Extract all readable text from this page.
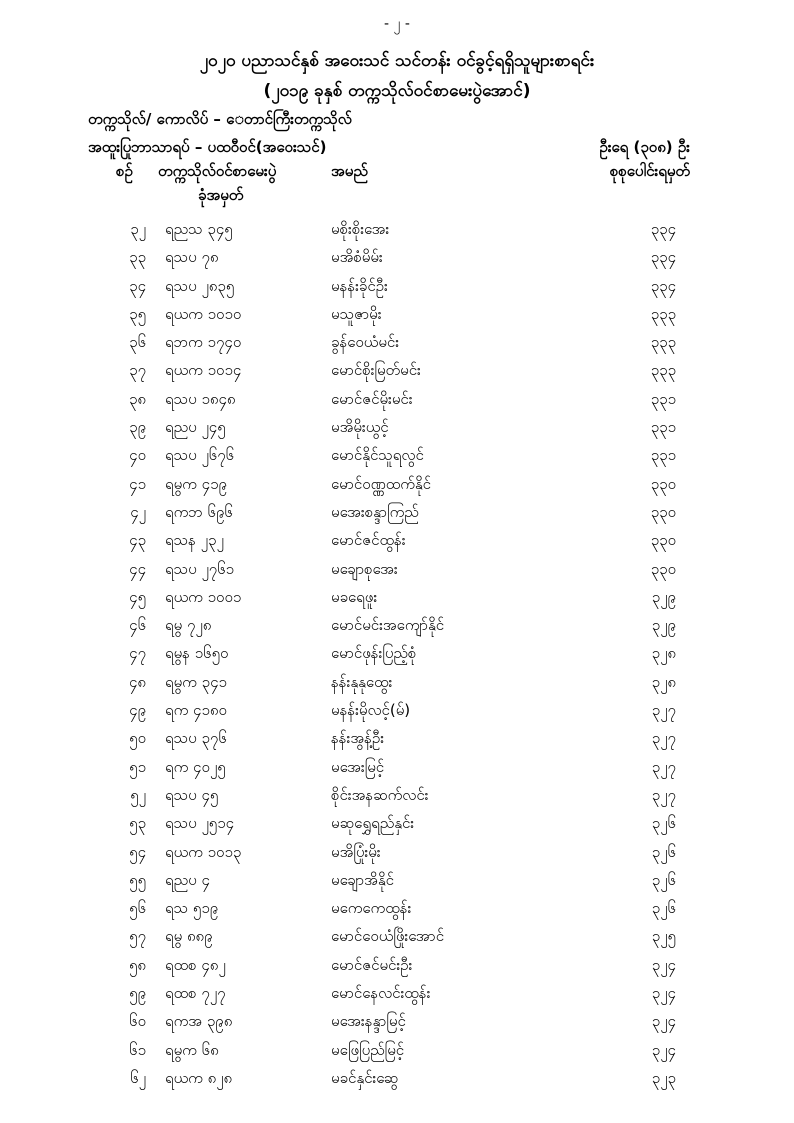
- ၂ -
၂၀၂၀ ပညာသင်နှစ် အဝေးသင် သင်တန်း ဝင်ခွင့်ရရှိသူများစာရင်း
(၂၀၁၉ ခုနှစ် တက္ကသိုလ်ဝင်စာမေးပွဲအောင်)
တက္ကသိုလ်/ ကောလိပ် – ‌ေတာင်ကြီးတက္ကသိုလ်
အထူးပြုဘာသာရပ် – ပထဝီဝင်(အဝေးသင်)	ဦးရေ (၃၀၈) ဦး
စဉ် တက္ကသိုလ်ဝင်စာမေးပွဲ
ခုံအမှတ်
အမည်	စုစုပေါင်းရမှတ်
၃၂ ရညသ ၃၄၅	မစိုးစိုးအေး	၃၃၄
၃၃ ရသပ ၇၈	မအိစံမိမ်း	၃၃၄
၃၄ ရသပ ၂၈၃၅	မနန်းခိုင်ဦး	၃၃၄
၃၅ ရယက ၁၀၁၀	မသူဇာမိုး	၃၃၃
၃၆ ရဘက ၁၇၄၀	ခွန်ဝေယံမင်း	၃၃၃
၃၇ ရယက ၁၀၁၄	မောင်စိုးမြတ်မင်း	၃၃၃
၃၈ ရသပ ၁၈၄၈	မောင်ဇင်မိုးမင်း	၃၃၁
၃၉ ရညပ ၂၄၅	မအိမိုးယွင့်	၃၃၁
၄၀ ရသပ ၂၆၇၆	မောင်နိုင်သူရလွင်	၃၃၁
၄၁ ရမွက ၄၁၉	မောင်ဝဏ္ဏထက်နိုင်	၃၃၀
၄၂ ရကဘ ၆၉၆	မအေးစန္ဒာကြည်	၃၃၀
၄၃ ရသန ၂၃၂	မောင်ဇင်ထွန်း	၃၃၀
၄၄ ရသပ ၂၇၆၁	မချောစုအေး	၃၃၀
၄၅ ရယက ၁၀၀၁	မခရေဖူး	၃၂၉
၄၆ ရမွ ၇၂၈	မောင်မင်းအကျော်နိုင်	၃၂၉
၄၇ ရမွန ၁၆၅၀	မောင်ဖုန်းပြည့်စုံ	၃၂၈
၄၈ ရမွက ၃၄၁	နန်းနုနုထွေး	၃၂၈
၄၉ ရက ၄၁၈၀	မနန်းမိုလင့်(မ်)	၃၂၇
၅၀ ရသပ ၃၇၆	နန်းအွန့်ဦး	၃၂၇
၅၁ ရက ၄၀၂၅	မအေးမြင့်	၃၂၇
၅၂ ရသပ ၄၅	စိုင်းအနဆက်လင်း	၃၂၇
၅၃ ရသပ ၂၅၁၄	မဆုရွှေရည်နှင်း	၃၂၆
၅၄ ရယက ၁၀၁၃	မအိပြုံးမိုး	၃၂၆
၅၅ ရညပ ၄	မချောအိနိုင်	၃၂၆
၅၆ ရသ ၅၁၉	မကေကေထွန်း	၃၂၆
၅၇ ရမွ ၈၈၉	မောင်ဝေယံဖြိုးအောင်	၃၂၅
၅၈ ရထစ ၄၈၂	မောင်ဇင်မင်းဦး	၃၂၄
၅၉ ရထစ ၇၂၇	မောင်နေလင်းထွန်း	၃၂၄
၆၀ ရကအ ၃၉၈	မအေးနန္ဒာမြင့်	၃၂၄
၆၁ ရမွက ၆၈	မဖြေပြည်မြင့်	၃၂၄
၆၂ ရယက ၈၂၈	မခင်နှင်းဆွေ	၃၂၃
